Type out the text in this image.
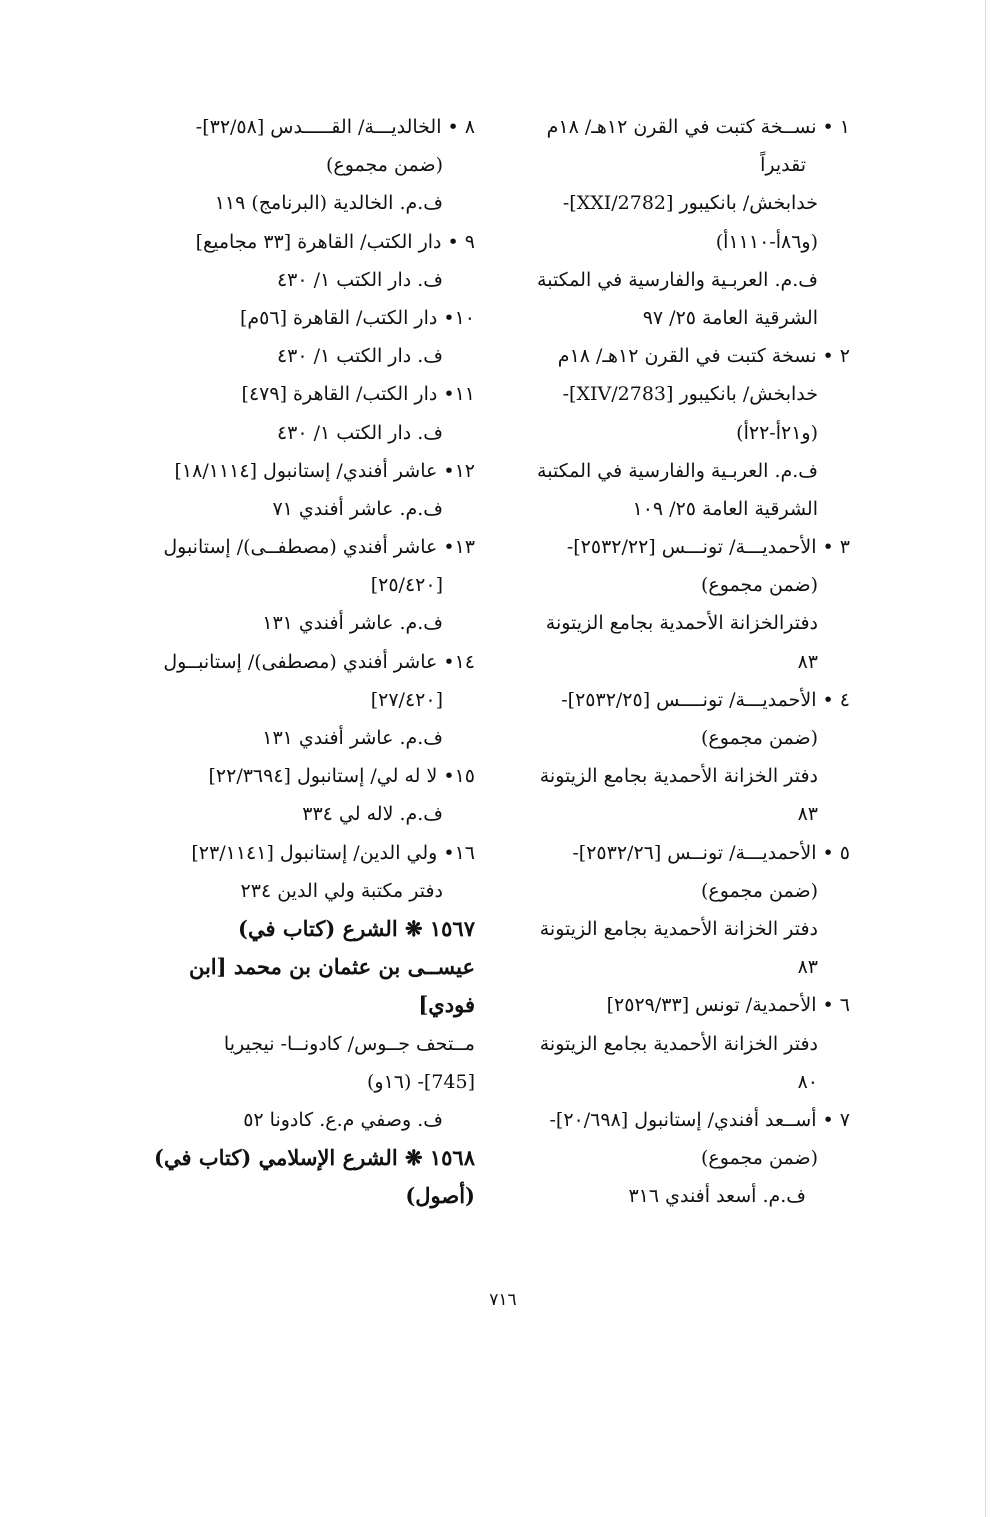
١ • نســخة كتبت في القرن ١٢هـ/ ١٨م
تقديراً
خدابخش/ بانكيبور [2782/XXI]-
(و٨٦أ-١١١٠أ)
ف.م. العربـية والفارسية في المكتبة
الشرقية العامة ٢٥/ ٩٧
٢ • نسخة كتبت في القرن ١٢هـ/ ١٨م
خدابخش/ بانكيبور [2783/XIV]-
(و٢١أ-٢٢أ)
ف.م. العربـية والفارسية في المكتبة
الشرقية العامة ٢٥/ ١٠٩
٣ • الأحمديـــة/ تونـــس [٢٥٣٢/٢٢]-
(ضمن مجموع)
دفترالخزانة الأحمدية بجامع الزيتونة
٨٣
٤ • الأحمديـــة/ تونــــس [٢٥٣٢/٢٥]-
(ضمن مجموع)
دفتر الخزانة الأحمدية بجامع الزيتونة
٨٣
٥ • الأحمديـــة/ تونــس [٢٥٣٢/٢٦]-
(ضمن مجموع)
دفتر الخزانة الأحمدية بجامع الزيتونة
٨٣
٦ • الأحمدية/ تونس [٢٥٢٩/٣٣]
دفتر الخزانة الأحمدية بجامع الزيتونة
٨٠
٧ • أســعد أفندي/ إستانبول [٢٠/٦٩٨]-
(ضمن مجموع)
ف.م. أسعد أفندي ٣١٦
٨ • الخالديـــة/ القـــــدس [٣٢/٥٨]-
(ضمن مجموع)
ف.م. الخالدية (البرنامج) ١١٩
٩ • دار الكتب/ القاهرة [٣٣ مجاميع]
ف. دار الكتب ١/ ٤٣٠
١٠• دار الكتب/ القاهرة [٥٦م]
ف. دار الكتب ١/ ٤٣٠
١١• دار الكتب/ القاهرة [٤٧٩]
ف. دار الكتب ١/ ٤٣٠
١٢• عاشر أفندي/ إستانبول [١٨/١١١٤]
ف.م. عاشر أفندي ٧١
١٣• عاشر أفندي (مصطفــى)/ إستانبول
[٢٥/٤٢٠]
ف.م. عاشر أفندي ١٣١
١٤• عاشر أفندي (مصطفى)/ إستانبــول
[٢٧/٤٢٠]
ف.م. عاشر أفندي ١٣١
١٥• لا له لي/ إستانبول [٢٢/٣٦٩٤]
ف.م. لاله لي ٣٣٤
١٦• ولي الدين/ إستانبول [٢٣/١١٤١]
دفتر مكتبة ولي الدين ٢٣٤
١٥٦٧ ❋ الشرع (كتاب في)
عيســى بن عثمان بن محمد [ابن
فودي]
مــتحف جــوس/ كادونــا- نيجيريا
[745]- (١٦و)
ف. وصفي م.ع. كادونا ٥٢
١٥٦٨ ❋ الشرع الإسلامي (كتاب في)
(أصول)
٧١٦
